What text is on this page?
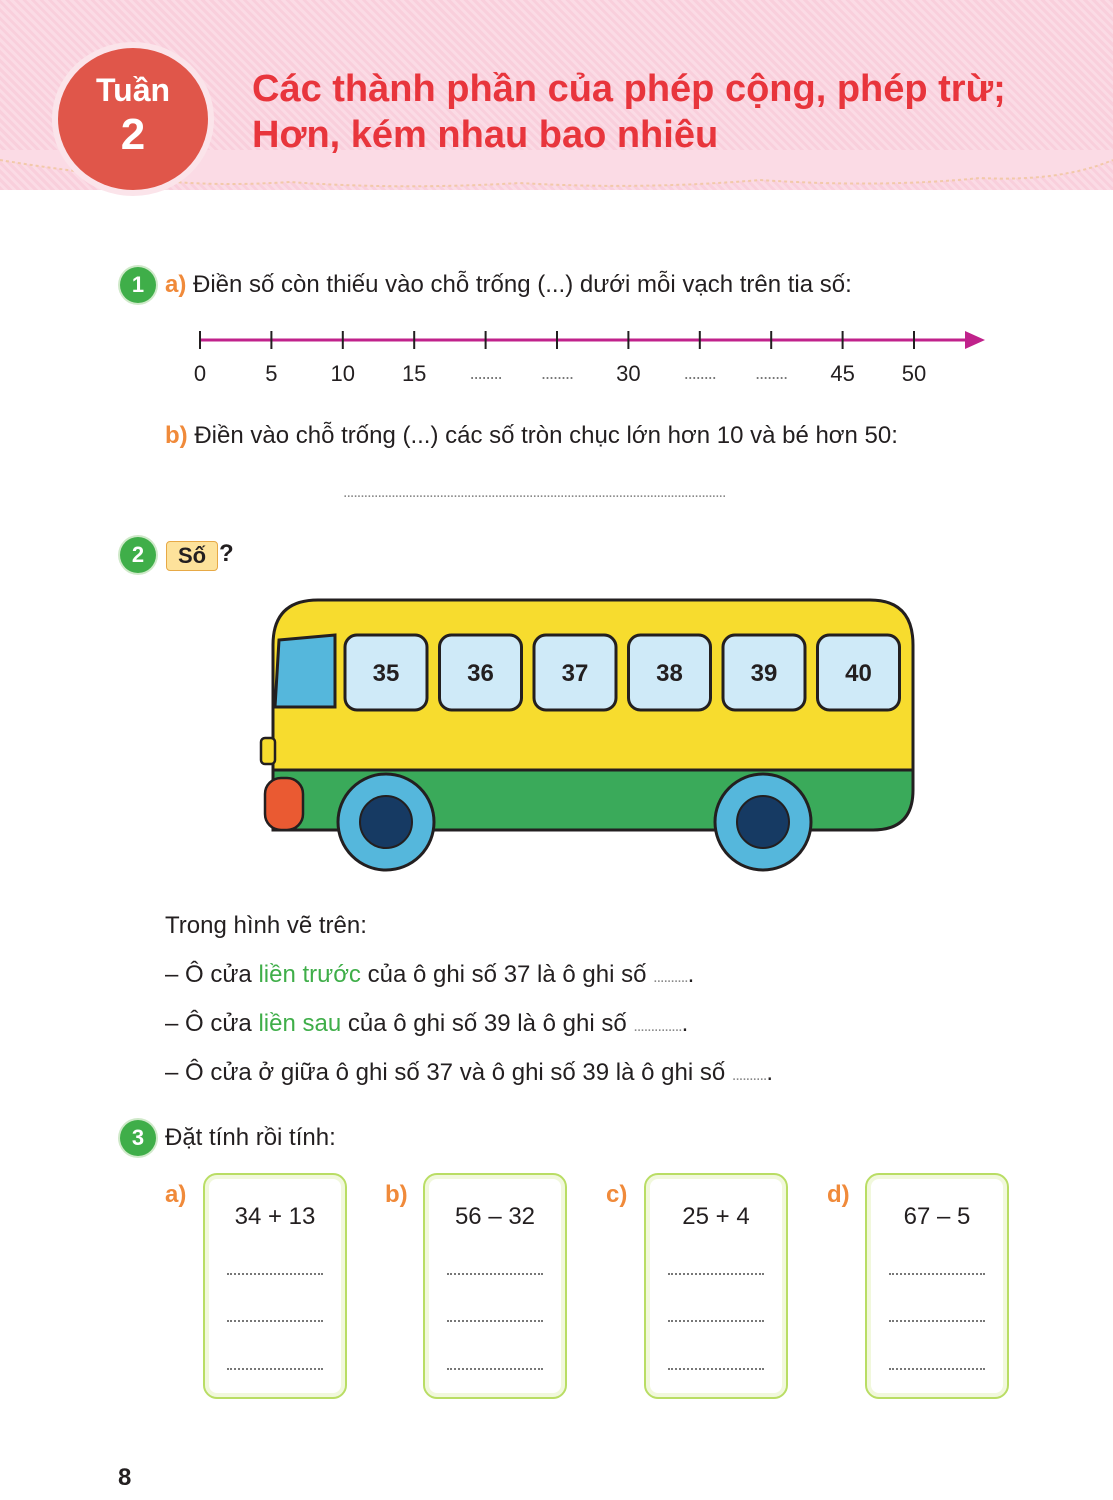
Tuần
2
Các thành phần của phép cộng, phép trừ;
Hơn, kém nhau bao nhiêu
1 a) Điền số còn thiếu vào chỗ trống (...) dưới mỗi vạch trên tia số:
0	5	10	15	........	........	30	........	........	45	50
b) Điền vào chỗ trống (...) các số tròn chục lớn hơn 10 và bé hơn 50:
...............................................................................................................
2	Số ?
35	36	37	38	39	40
Trong hình vẽ trên:
– Ô cửa liền trước của ô ghi số 37 là ô ghi số ...........
– Ô cửa liền sau của ô ghi số 39 là ô ghi số ...............
– Ô cửa ở giữa ô ghi số 37 và ô ghi số 39 là ô ghi số ...........
3 Đặt tính rồi tính:
a)
34 + 13
b)
56 – 32
c)
25 + 4
d)
67 – 5
8
